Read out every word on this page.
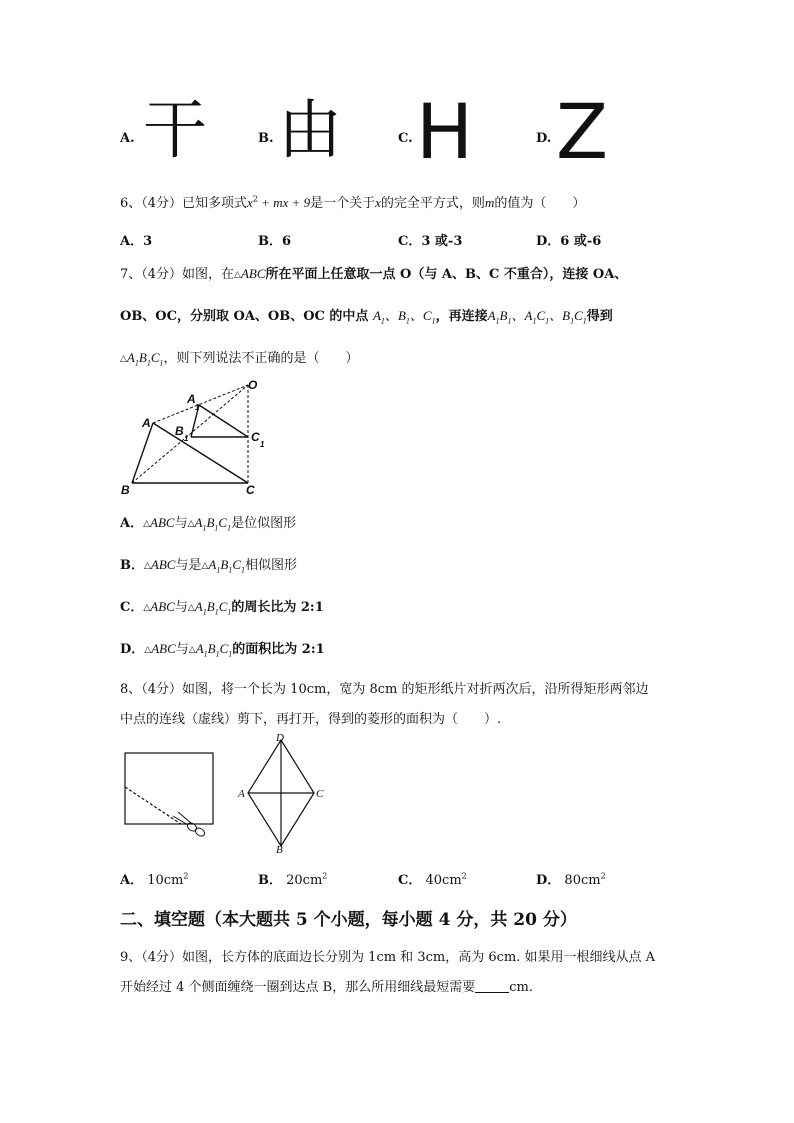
A. 干	B. 由	C. H	D. Z
6、（4分）已知多项式$x^2$ + mx + 9是一个关于x的完全平方式，则m的值为（　　）
A．3	B．6	C．3 或-3	D．6 或-6
7、（4分）如图，在△ABC所在平面上任意取一点 O（与 A、B、C 不重合），连接 OA、
OB、OC，分别取 OA、OB、OC 的中点 $A_1$、$B_1$、$C_1$，再连接$A_1B_1$、$A_1C_1$、$B_1C_1$得到
$\triangle A_1B_1C_1$，则下列说法不正确的是（　　）
O
A
1
B
1	C
1
A
B	C
A．△ABC与$\triangle A_1B_1C_1$是位似图形
B．△ABC与是$\triangle A_1B_1C_1$相似图形
C．△ABC与$\triangle A_1B_1C_1$的周长比为 2:1
D．△ABC与$\triangle A_1B_1C_1$的面积比为 2:1
8、（4分）如图，将一个长为 10cm，宽为 8cm 的矩形纸片对折两次后，沿所得矩形两邻边
中点的连线（虚线）剪下，再打开，得到的菱形的面积为（　　）.
D
A	C
B
A． $10cm^2$	B． $20cm^2$	C． $40cm^2$	D． $80cm^2$
二、填空题（本大题共 5 个小题，每小题 4 分，共 20 分）
9、（4分）如图，长方体的底面边长分别为 1cm 和 3cm，高为 6cm. 如果用一根细线从点 A
开始经过 4 个侧面缠绕一圈到达点 B，那么所用细线最短需要	cm.
